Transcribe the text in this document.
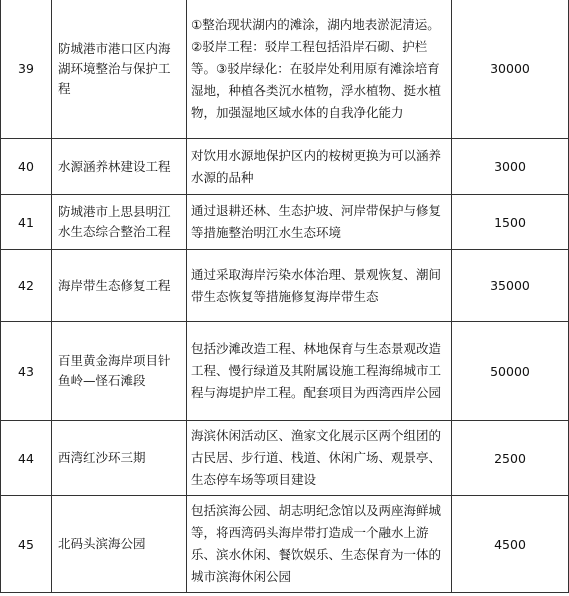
39	防城港市港口区内海湖环境整治与保护工程	①整治现状湖内的滩涂，湖内地表淤泥清运。②驳岸工程：驳岸工程包括沿岸石砌、护栏等。③驳岸绿化：在驳岸处利用原有滩涂培育湿地，种植各类沉水植物，浮水植物、挺水植物，加强湿地区域水体的自我净化能力	30000
40	水源涵养林建设工程	对饮用水源地保护区内的桉树更换为可以涵养水源的品种	3000
41	防城港市上思县明江水生态综合整治工程	通过退耕还林、生态护坡、河岸带保护与修复等措施整治明江水生态环境	1500
42	海岸带生态修复工程	通过采取海岸污染水体治理、景观恢复、潮间带生态恢复等措施修复海岸带生态	35000
43	百里黄金海岸项目针鱼岭—怪石滩段	包括沙滩改造工程、林地保育与生态景观改造工程、慢行绿道及其附属设施工程海绵城市工程与海堤护岸工程。配套项目为西湾西岸公园	50000
44	西湾红沙环三期	海滨休闲活动区、渔家文化展示区两个组团的古民居、步行道、栈道、休闲广场、观景亭、生态停车场等项目建设	2500
45	北码头滨海公园	包括滨海公园、胡志明纪念馆以及两座海鲜城等，将西湾码头海岸带打造成一个融水上游乐、滨水休闲、餐饮娱乐、生态保育为一体的城市滨海休闲公园	4500
